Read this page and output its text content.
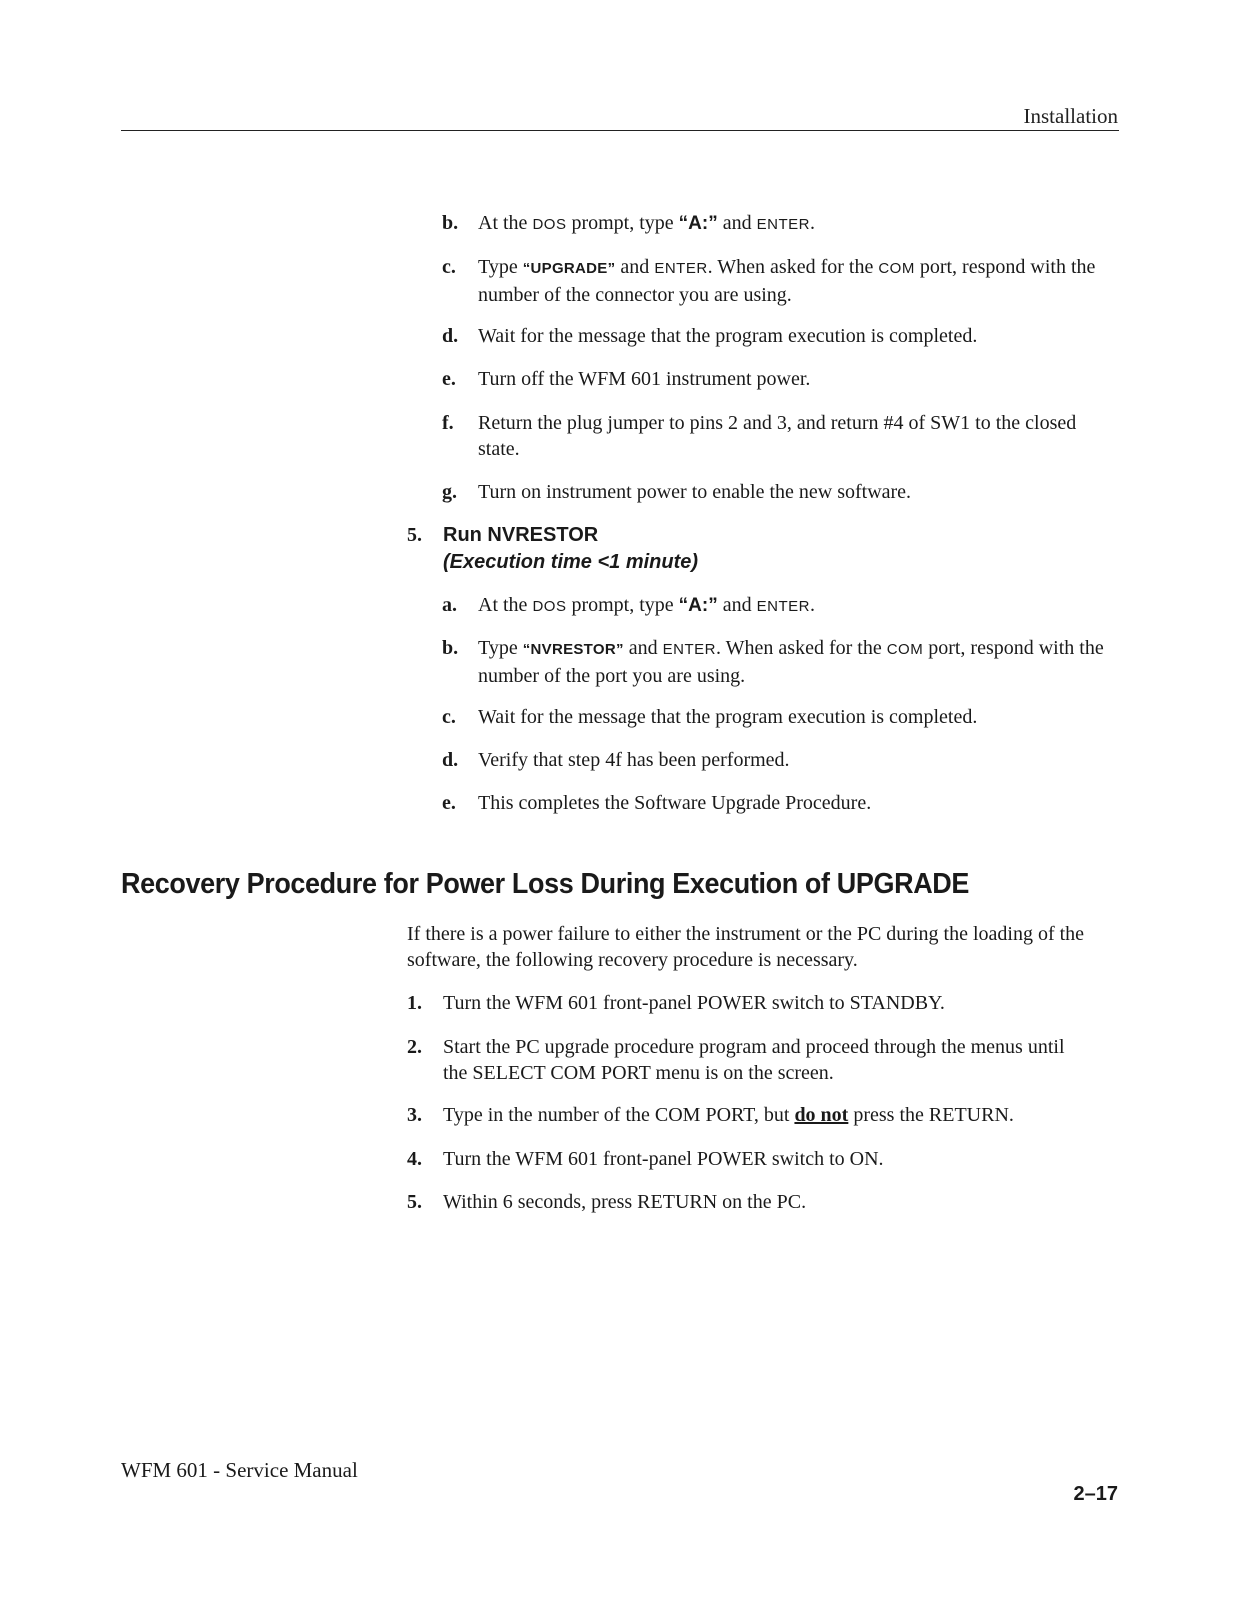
Installation
b. At the DOS prompt, type “A:” and ENTER.
c. Type “UPGRADE” and ENTER. When asked for the COM port, respond with the number of the connector you are using.
d. Wait for the message that the program execution is completed.
e. Turn off the WFM 601 instrument power.
f. Return the plug jumper to pins 2 and 3, and return #4 of SW1 to the closed state.
g. Turn on instrument power to enable the new software.
5. Run NVRESTOR
(Execution time <1 minute)
a. At the DOS prompt, type “A:” and ENTER.
b. Type “NVRESTOR” and ENTER. When asked for the COM port, respond with the number of the port you are using.
c. Wait for the message that the program execution is completed.
d. Verify that step 4f has been performed.
e. This completes the Software Upgrade Procedure.
Recovery Procedure for Power Loss During Execution of UPGRADE
If there is a power failure to either the instrument or the PC during the loading of the software, the following recovery procedure is necessary.
1. Turn the WFM 601 front-panel POWER switch to STANDBY.
2. Start the PC upgrade procedure program and proceed through the menus until the SELECT COM PORT menu is on the screen.
3. Type in the number of the COM PORT, but do not press the RETURN.
4. Turn the WFM 601 front-panel POWER switch to ON.
5. Within 6 seconds, press RETURN on the PC.
WFM 601 - Service Manual
2–17
